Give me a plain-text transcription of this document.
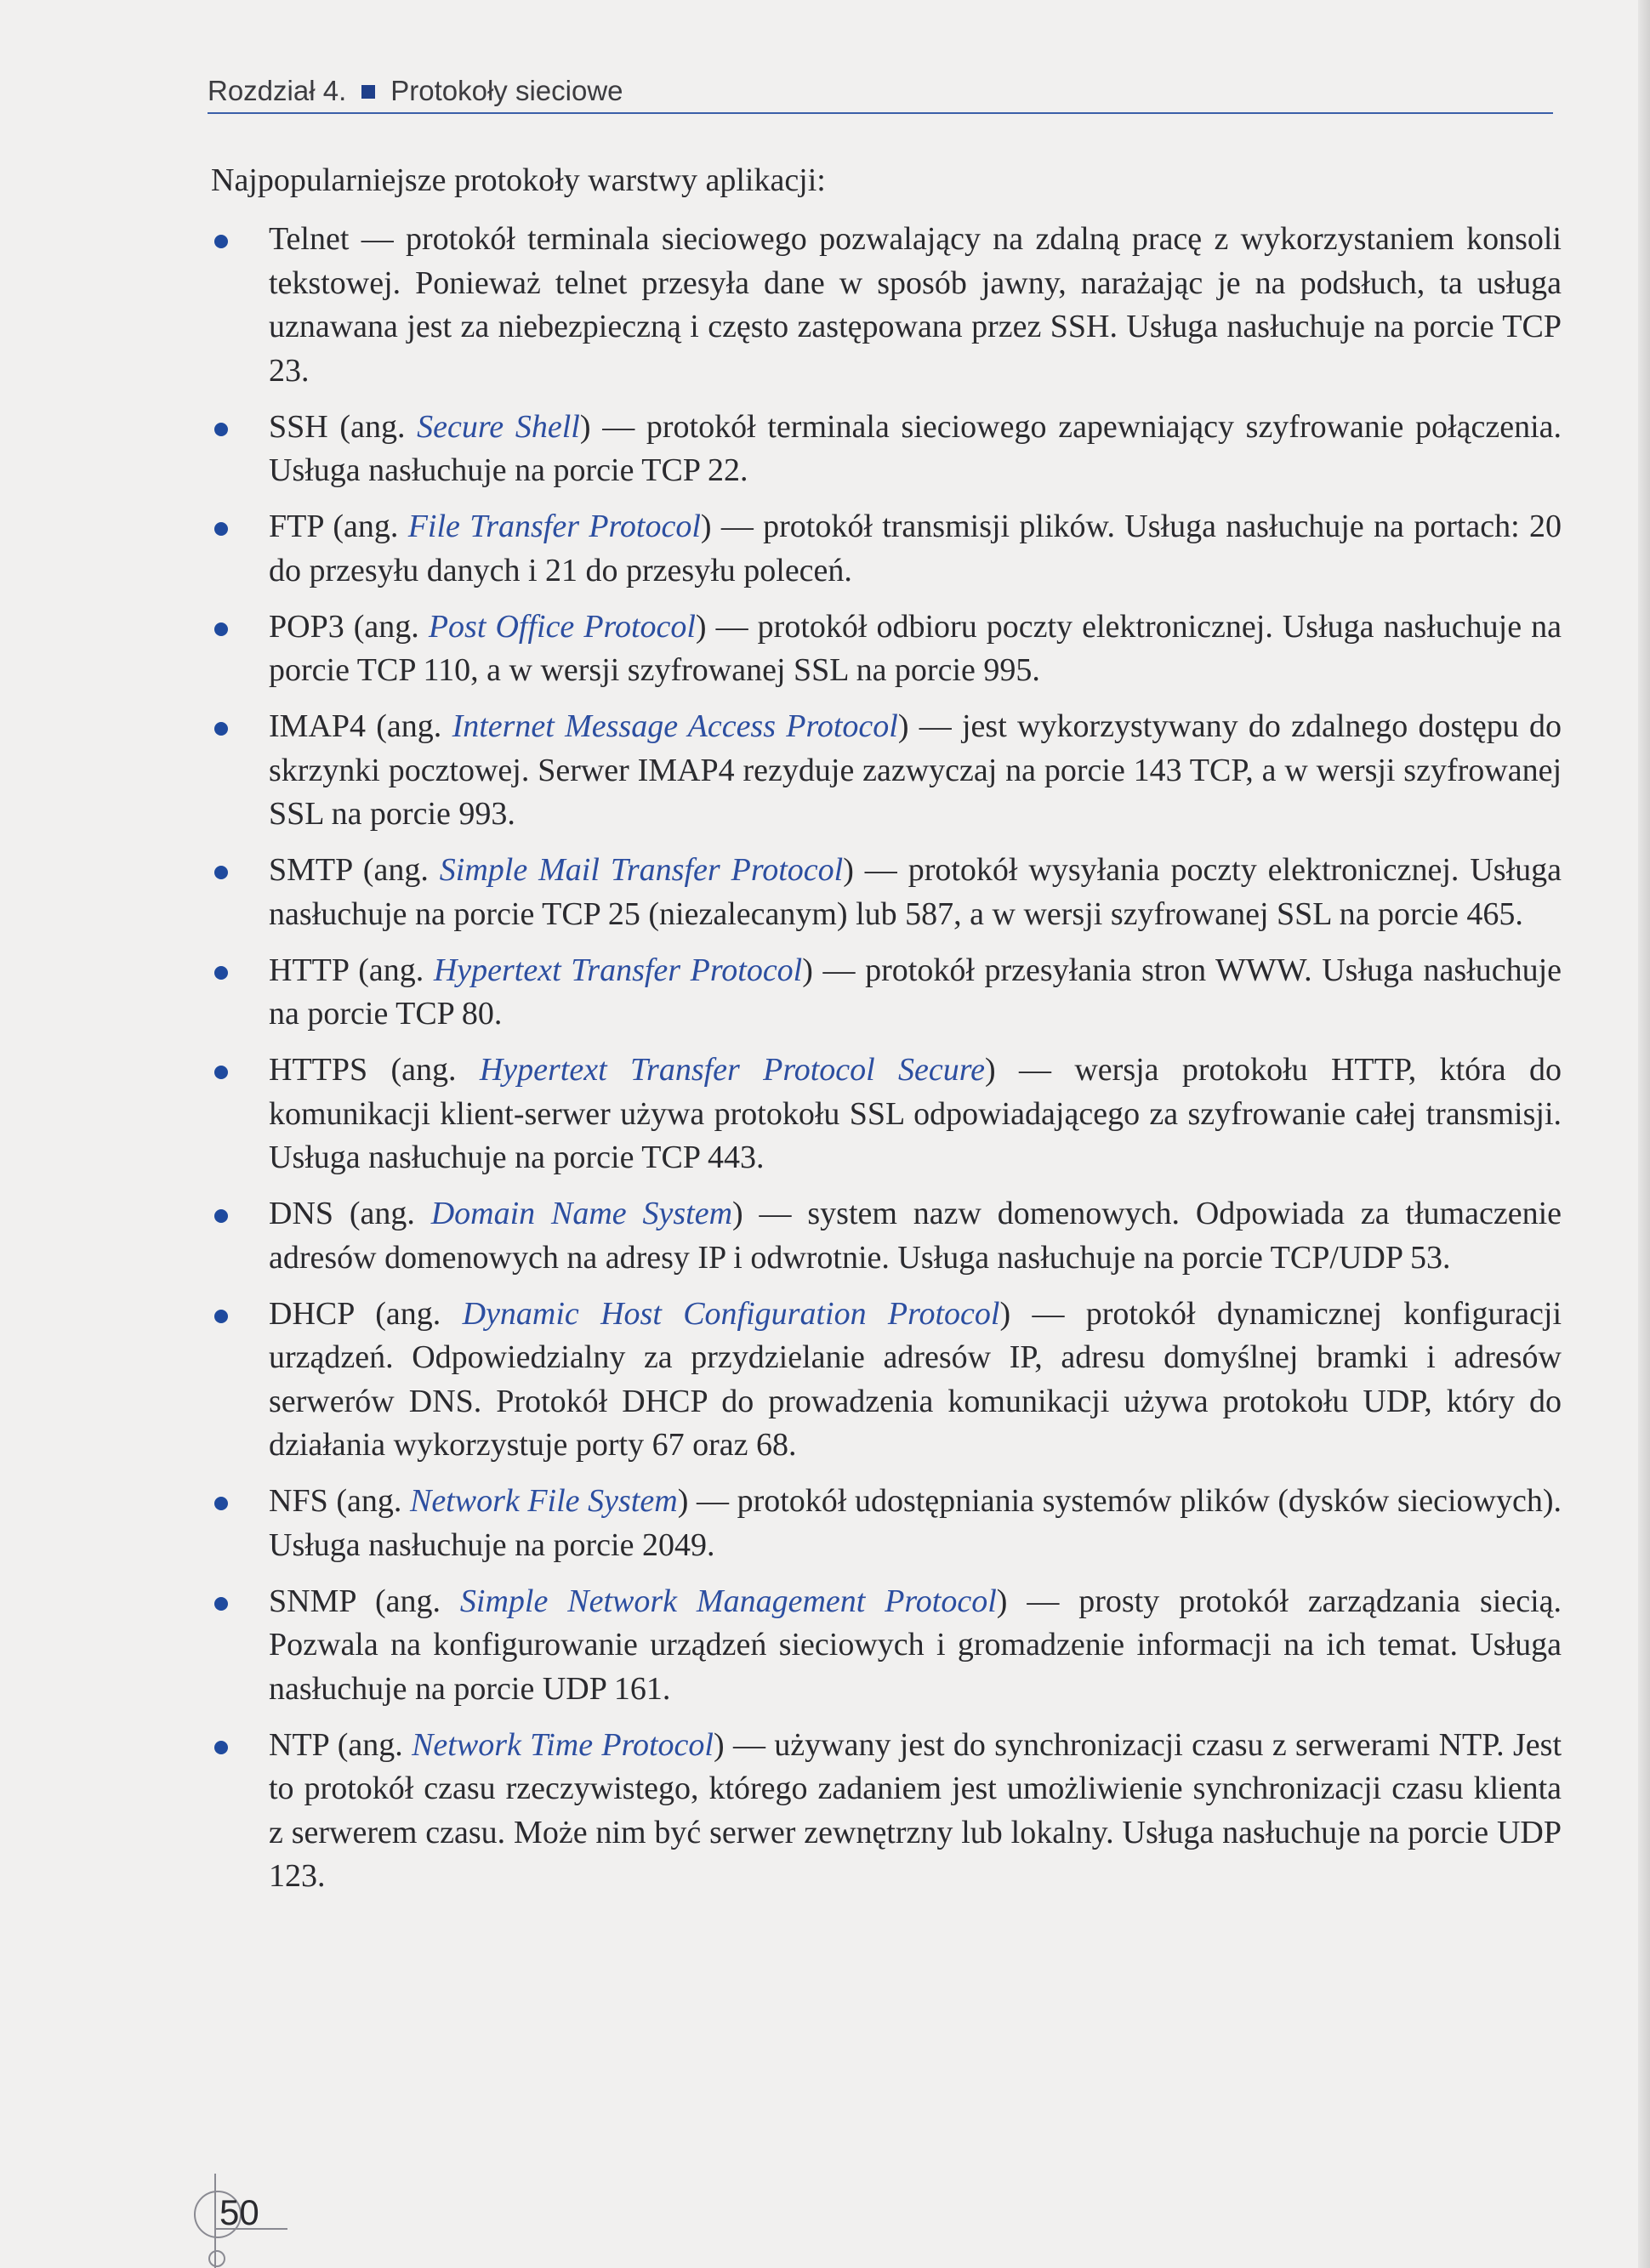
Rozdział 4. Protokoły sieciowe
Najpopularniejsze protokoły warstwy aplikacji:
Telnet — protokół terminala sieciowego pozwalający na zdalną pracę z wykorzystaniem konsoli tekstowej. Ponieważ telnet przesyła dane w sposób jawny, narażając je na podsłuch, ta usługa uznawana jest za niebezpieczną i często zastępowana przez SSH. Usługa nasłuchuje na porcie TCP 23.
SSH (ang. Secure Shell) — protokół terminala sieciowego zapewniający szyfrowanie połączenia. Usługa nasłuchuje na porcie TCP 22.
FTP (ang. File Transfer Protocol) — protokół transmisji plików. Usługa nasłuchuje na portach: 20 do przesyłu danych i 21 do przesyłu poleceń.
POP3 (ang. Post Office Protocol) — protokół odbioru poczty elektronicznej. Usługa nasłuchuje na porcie TCP 110, a w wersji szyfrowanej SSL na porcie 995.
IMAP4 (ang. Internet Message Access Protocol) — jest wykorzystywany do zdalnego dostępu do skrzynki pocztowej. Serwer IMAP4 rezyduje zazwyczaj na porcie 143 TCP, a w wersji szyfrowanej SSL na porcie 993.
SMTP (ang. Simple Mail Transfer Protocol) — protokół wysyłania poczty elektronicznej. Usługa nasłuchuje na porcie TCP 25 (niezalecanym) lub 587, a w wersji szyfrowanej SSL na porcie 465.
HTTP (ang. Hypertext Transfer Protocol) — protokół przesyłania stron WWW. Usługa nasłuchuje na porcie TCP 80.
HTTPS (ang. Hypertext Transfer Protocol Secure) — wersja protokołu HTTP, która do komunikacji klient-serwer używa protokołu SSL odpowiadającego za szyfrowanie całej transmisji. Usługa nasłuchuje na porcie TCP 443.
DNS (ang. Domain Name System) — system nazw domenowych. Odpowiada za tłumaczenie adresów domenowych na adresy IP i odwrotnie. Usługa nasłuchuje na porcie TCP/UDP 53.
DHCP (ang. Dynamic Host Configuration Protocol) — protokół dynamicznej konfiguracji urządzeń. Odpowiedzialny za przydzielanie adresów IP, adresu domyślnej bramki i adresów serwerów DNS. Protokół DHCP do prowadzenia komunikacji używa protokołu UDP, który do działania wykorzystuje porty 67 oraz 68.
NFS (ang. Network File System) — protokół udostępniania systemów plików (dysków sieciowych). Usługa nasłuchuje na porcie 2049.
SNMP (ang. Simple Network Management Protocol) — prosty protokół zarządzania siecią. Pozwala na konfigurowanie urządzeń sieciowych i gromadzenie informacji na ich temat. Usługa nasłuchuje na porcie UDP 161.
NTP (ang. Network Time Protocol) — używany jest do synchronizacji czasu z serwerami NTP. Jest to protokół czasu rzeczywistego, którego zadaniem jest umożliwienie synchronizacji czasu klienta z serwerem czasu. Może nim być serwer zewnętrzny lub lokalny. Usługa nasłuchuje na porcie UDP 123.
50
